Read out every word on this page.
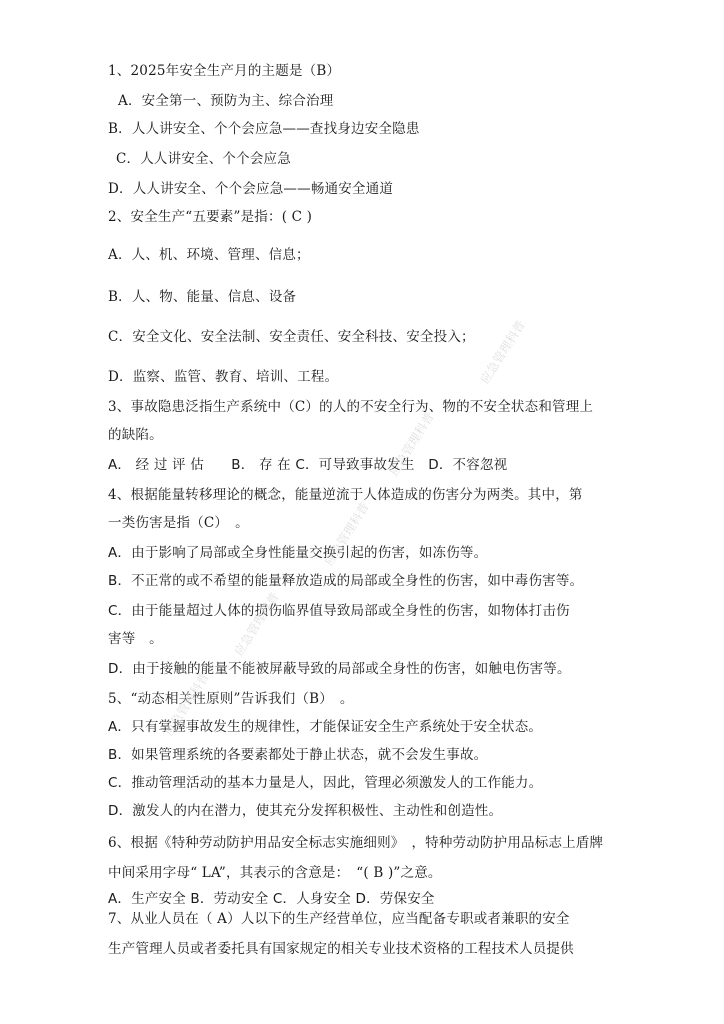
1、2025年安全生产月的主题是（B）
A．安全第一、预防为主、综合治理
B．人人讲安全、个个会应急——查找身边安全隐患
C．人人讲安全、个个会应急
D．人人讲安全、个个会应急——畅通安全通道
2、安全生产“五要素”是指：( C )
A．人、机、环境、管理、信息；
B．人、物、能量、信息、设备
C．安全文化、安全法制、安全责任、安全科技、安全投入；
D．监察、监管、教育、培训、工程。
3、事故隐患泛指生产系统中（C）的人的不安全行为、物的不安全状态和管理上
的缺陷。
A． 经 过 评 估　　B． 存 在 C．可导致事故发生　D．不容忽视
4、根据能量转移理论的概念，能量逆流于人体造成的伤害分为两类。其中，第
一类伤害是指（C）　。
A．由于影响了局部或全身性能量交换引起的伤害，如冻伤等。
B．不正常的或不希望的能量释放造成的局部或全身性的伤害，如中毒伤害等。
C．由于能量超过人体的损伤临界值导致局部或全身性的伤害，如物体打击伤
害等　。
D．由于接触的能量不能被屏蔽导致的局部或全身性的伤害，如触电伤害等。
5、“动态相关性原则”告诉我们（B）　。
A．只有掌握事故发生的规律性，才能保证安全生产系统处于安全状态。
B．如果管理系统的各要素都处于静止状态，就不会发生事故。
C．推动管理活动的基本力量是人，因此，管理必须激发人的工作能力。
D．激发人的内在潜力，使其充分发挥积极性、主动性和创造性。
6、根据《特种劳动防护用品安全标志实施细则》　，特种劳动防护用品标志上盾牌
中间采用字母“ LA”，其表示的含意是：　“( B )”之意。
A．生产安全 B．劳动安全 C．人身安全 D．劳保安全
7、从业人员在（ A）人以下的生产经营单位，应当配备专职或者兼职的安全
生产管理人员或者委托具有国家规定的相关专业技术资格的工程技术人员提供
应急管理科普
应急管理科普
应急管理科普
应急管理科普
应急管理科普
